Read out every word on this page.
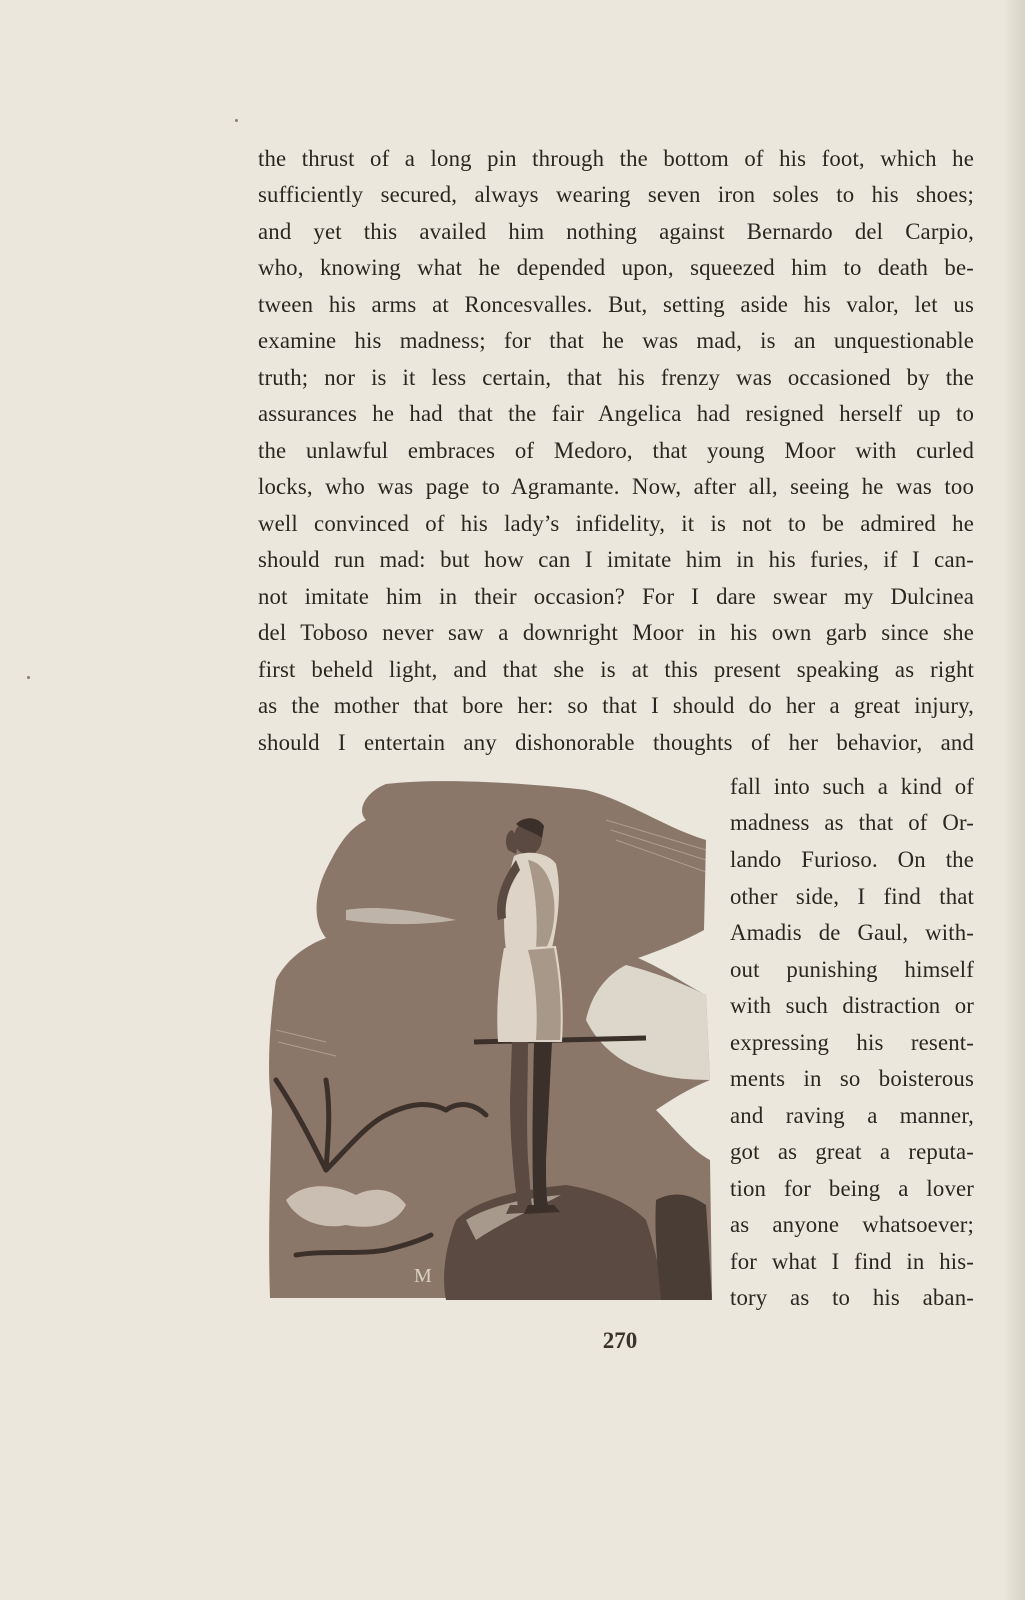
the thrust of a long pin through the bottom of his foot, which he
sufficiently secured, always wearing seven iron soles to his shoes;
and yet this availed him nothing against Bernardo del Carpio,
who, knowing what he depended upon, squeezed him to death be-
tween his arms at Roncesvalles. But, setting aside his valor, let us
examine his madness; for that he was mad, is an unquestionable
truth; nor is it less certain, that his frenzy was occasioned by the
assurances he had that the fair Angelica had resigned herself up to
the unlawful embraces of Medoro, that young Moor with curled
locks, who was page to Agramante. Now, after all, seeing he was too
well convinced of his lady’s infidelity, it is not to be admired he
should run mad: but how can I imitate him in his furies, if I can-
not imitate him in their occasion? For I dare swear my Dulcinea
del Toboso never saw a downright Moor in his own garb since she
first beheld light, and that she is at this present speaking as right
as the mother that bore her: so that I should do her a great injury,
should I entertain any dishonorable thoughts of her behavior, and
fall into such a kind of
madness as that of Or-
lando Furioso. On the
other side, I find that
Amadis de Gaul, with-
out punishing himself
with such distraction or
expressing his resent-
ments in so boisterous
and raving a manner,
got as great a reputa-
tion for being a lover
as anyone whatsoever;
for what I find in his-
tory as to his aban-
M
270
